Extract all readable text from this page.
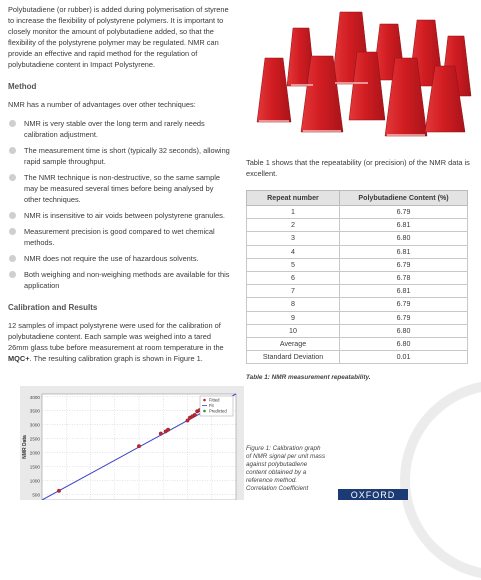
Polybutadiene (or rubber) is added during polymerisation of styrene to increase the flexibility of polystyrene polymers. It is important to closely monitor the amount of polybutadiene added, so that the flexibility of the polystyrene polymer may be regulated. NMR can provide an effective and rapid method for the regulation of polybutadiene content in Impact Polystyrene.

Method

NMR has a number of advantages over other techniques:

NMR is very stable over the long term and rarely needs calibration adjustment.
The measurement time is short (typically 32 seconds), allowing rapid sample throughput.
The NMR technique is non-destructive, so the same sample may be measured several times before being analysed by other techniques.
NMR is insensitive to air voids between polystyrene granules.
Measurement precision is good compared to wet chemical methods.
NMR does not require the use of hazardous solvents.
Both weighing and non-weighing methods are available for this application
Calibration and Results

12 samples of impact polystyrene were used for the calibration of polybutadiene content. Each sample was weighed into a tared 26mm glass tube before measurement at room temperature in the MQC+. The resulting calibration graph is shown in Figure 1.

Table 1 shows that the repeatability (or precision) of the NMR data is excellent.

Repeat number	Polybutadiene Content (%)
1	6.79
2	6.81
3	6.80
4	6.81
5	6.79
6	6.78
7	6.81
8	6.79
9	6.79
10	6.80
Average	6.80
Standard Deviation	0.01
Table 1: NMR measurement repeatability.
500
1000
1500
2000
2500
3000
3500
4000
NMR Data
Fitted
Fit
Predicted
Figure 1: Calibration graph of NMR signal per unit mass against polybutadiene content obtained by a reference method. Correlation Coefficient
OXFORD
